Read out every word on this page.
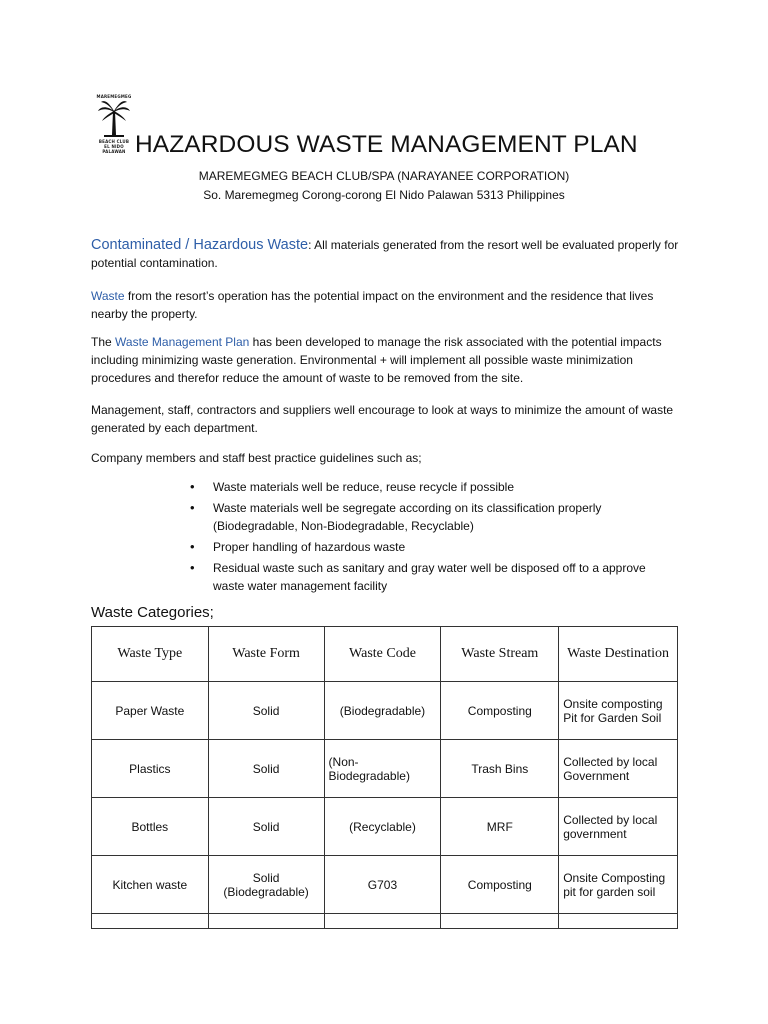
MAREMEGMEG
BEACH CLUB
EL NIDO PALAWAN HAZARDOUS WASTE MANAGEMENT PLAN
MAREMEGMEG BEACH CLUB/SPA (NARAYANEE CORPORATION)
So. Maremegmeg Corong-corong El Nido Palawan 5313 Philippines
Contaminated / Hazardous Waste: All materials generated from the resort well be evaluated properly for potential contamination.
Waste from the resort’s operation has the potential impact on the environment and the residence that lives nearby the property.
The Waste Management Plan has been developed to manage the risk associated with the potential impacts including minimizing waste generation. Environmental + will implement all possible waste minimization procedures and therefor reduce the amount of waste to be removed from the site.
Management, staff, contractors and suppliers well encourage to look at ways to minimize the amount of waste generated by each department.
Company members and staff best practice guidelines such as;
• Waste materials well be reduce, reuse recycle if possible
• Waste materials well be segregate according on its classification properly (Biodegradable, Non-Biodegradable, Recyclable)
• Proper handling of hazardous waste
• Residual waste such as sanitary and gray water well be disposed off to a approve waste water management facility
Waste Categories;
Waste Type	Waste Form	Waste Code	Waste Stream	Waste Destination
Paper Waste	Solid	(Biodegradable)	Composting	Onsite composting Pit for Garden Soil
Plastics	Solid	(Non-Biodegradable)	Trash Bins	Collected by local Government
Bottles	Solid	(Recyclable)	MRF	Collected by local government
Kitchen waste	Solid (Biodegradable)	G703	Composting	Onsite Composting pit for garden soil
